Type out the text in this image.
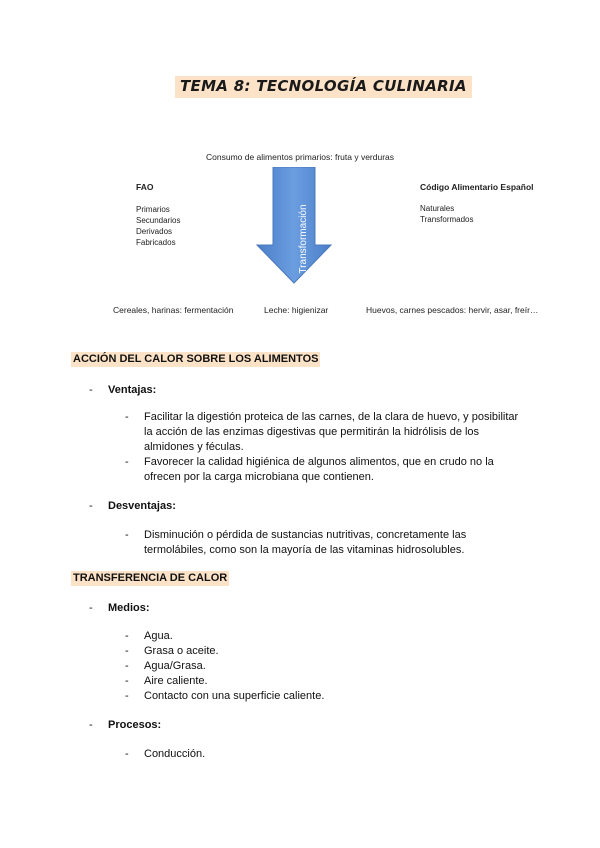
TEMA 8: TECNOLOGÍA CULINARIA
Consumo de alimentos primarios: fruta y verduras
Transformación
FAO
Primarios
Secundarios
Derivados
Fabricados
Código Alimentario Español
Naturales
Transformados
Cereales, harinas: fermentación	Leche: higienizar	Huevos, carnes pescados: hervir, asar, freír…
ACCIÓN DEL CALOR SOBRE LOS ALIMENTOS
- Ventajas:
- Facilitar la digestión proteica de las carnes, de la clara de huevo, y posibilitar la acción de las enzimas digestivas que permitirán la hidrólisis de los almidones y féculas.
- Favorecer la calidad higiénica de algunos alimentos, que en crudo no la ofrecen por la carga microbiana que contienen.
- Desventajas:
- Disminución o pérdida de sustancias nutritivas, concretamente las termolábiles, como son la mayoría de las vitaminas hidrosolubles.
TRANSFERENCIA DE CALOR
- Medios:
- Agua.
- Grasa o aceite.
- Agua/Grasa.
- Aire caliente.
- Contacto con una superficie caliente.
- Procesos:
- Conducción.
